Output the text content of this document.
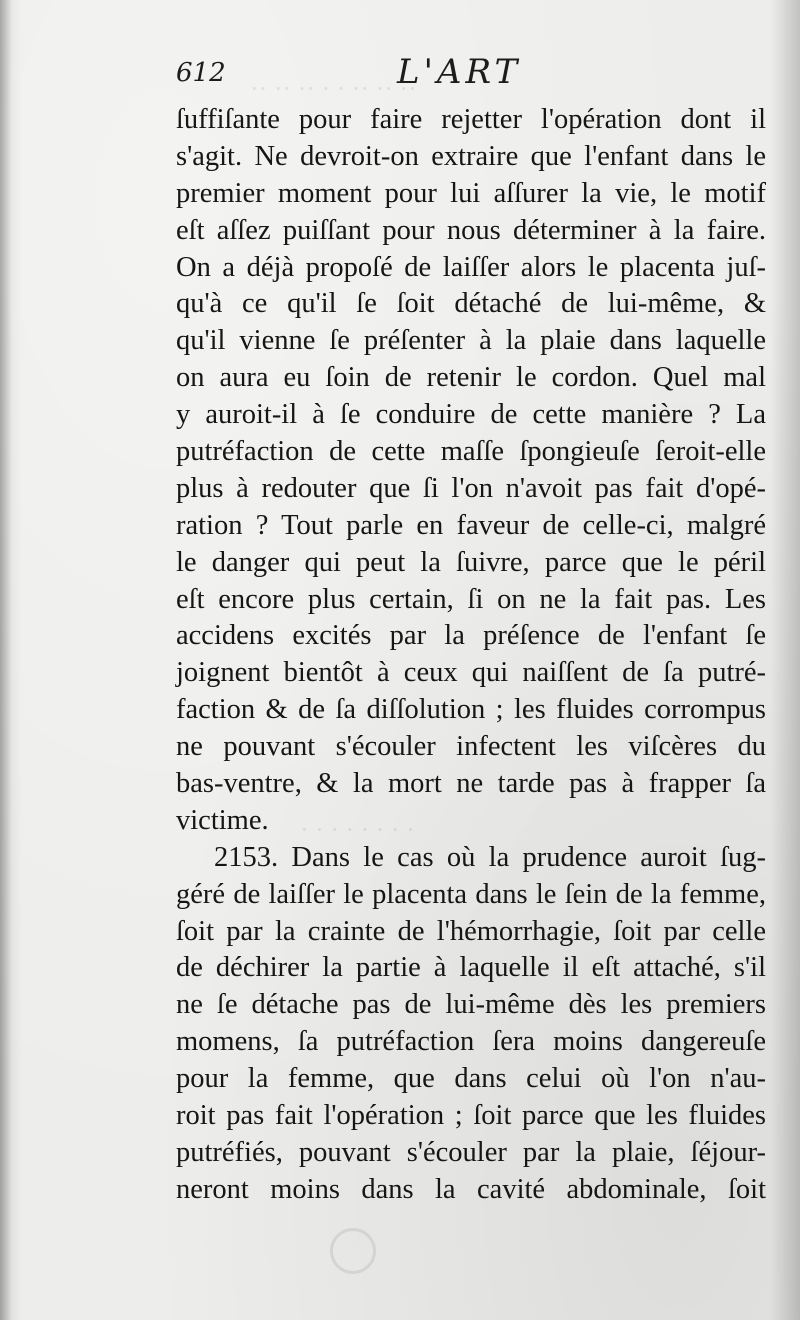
·· ·· ·· · · ·· ·· ··
· · · · · · · ·
612	L'ART
ſuffiſante pour faire rejetter l'opération dont il
s'agit. Ne devroit-on extraire que l'enfant dans le
premier moment pour lui aſſurer la vie, le motif
eſt aſſez puiſſant pour nous déterminer à la faire.
On a déjà propoſé de laiſſer alors le placenta juſ-
qu'à ce qu'il ſe ſoit détaché de lui-même, &
qu'il vienne ſe préſenter à la plaie dans laquelle
on aura eu ſoin de retenir le cordon. Quel mal
y auroit-il à ſe conduire de cette manière ? La
putréfaction de cette maſſe ſpongieuſe ſeroit-elle
plus à redouter que ſi l'on n'avoit pas fait d'opé-
ration ? Tout parle en faveur de celle-ci, malgré
le danger qui peut la ſuivre, parce que le péril
eſt encore plus certain, ſi on ne la fait pas. Les
accidens excités par la préſence de l'enfant ſe
joignent bientôt à ceux qui naiſſent de ſa putré-
faction & de ſa diſſolution ; les fluides corrompus
ne pouvant s'écouler infectent les viſcères du
bas-ventre, & la mort ne tarde pas à frapper ſa
victime.
2153. Dans le cas où la prudence auroit ſug-
géré de laiſſer le placenta dans le ſein de la femme,
ſoit par la crainte de l'hémorrhagie, ſoit par celle
de déchirer la partie à laquelle il eſt attaché, s'il
ne ſe détache pas de lui-même dès les premiers
momens, ſa putréfaction ſera moins dangereuſe
pour la femme, que dans celui où l'on n'au-
roit pas fait l'opération ; ſoit parce que les fluides
putréfiés, pouvant s'écouler par la plaie, ſéjour-
neront moins dans la cavité abdominale, ſoit
